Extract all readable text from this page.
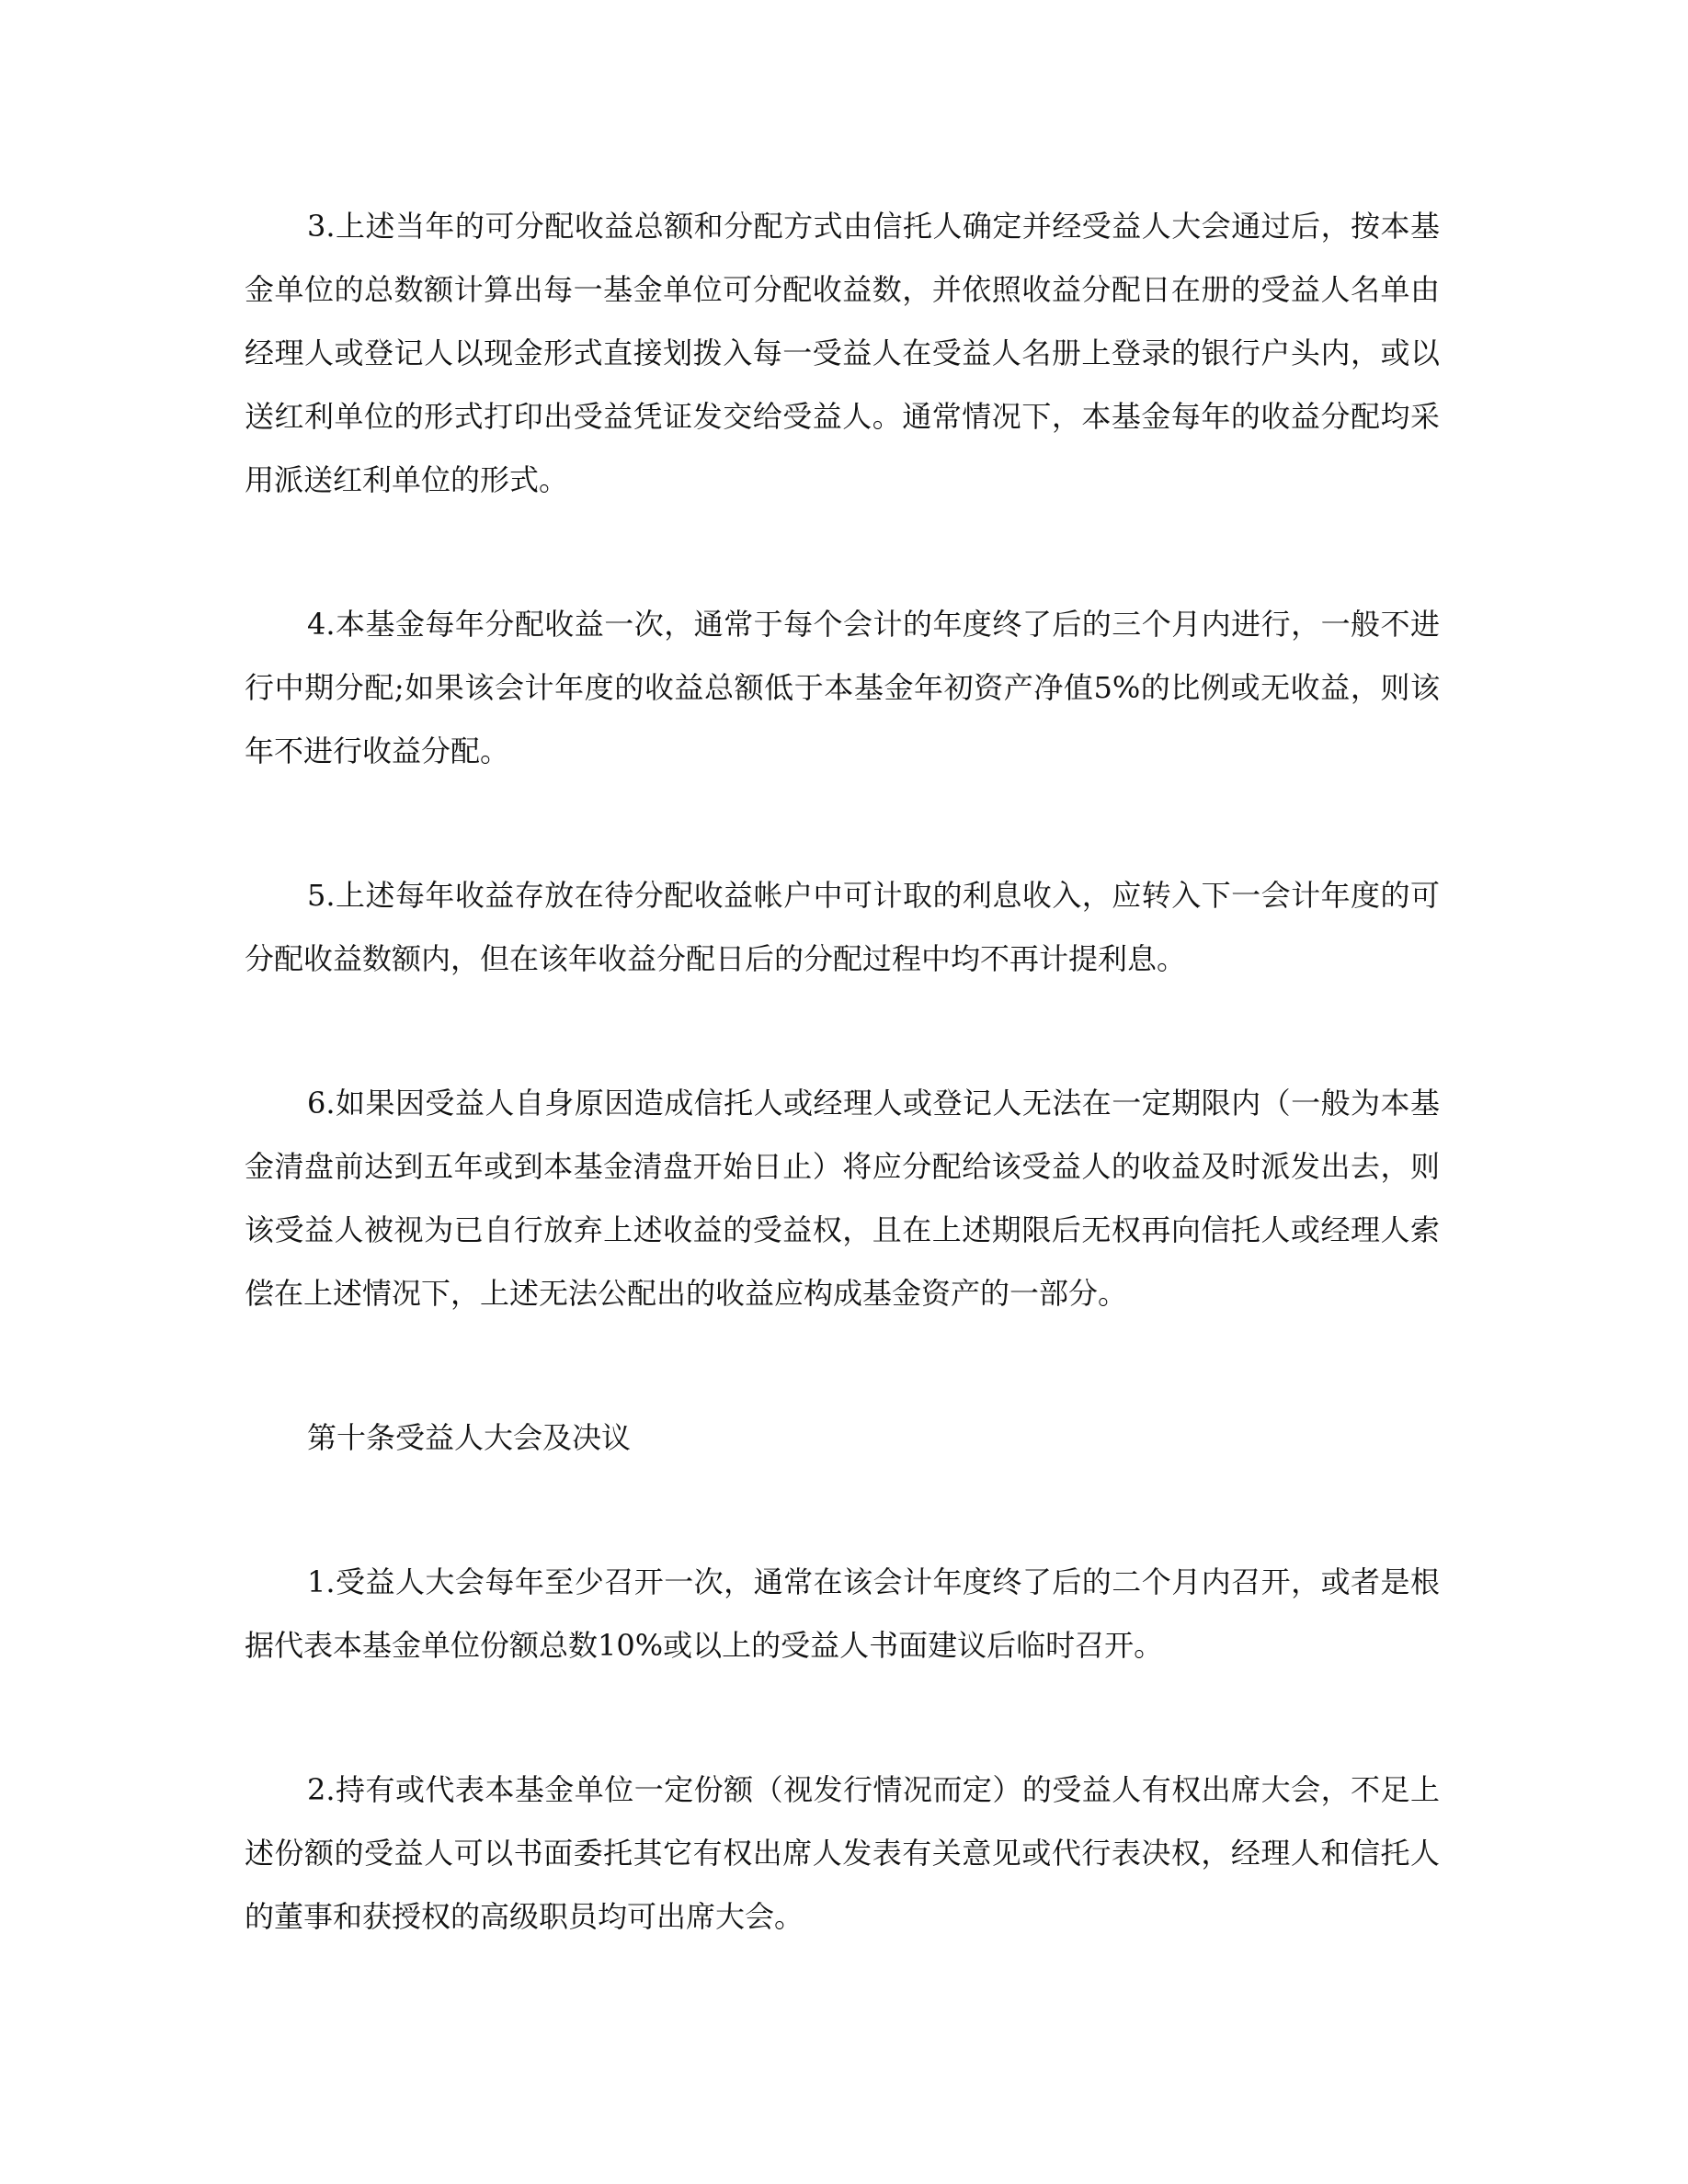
3.上述当年的可分配收益总额和分配方式由信托人确定并经受益人大会通过后，按本基金单位的总数额计算出每一基金单位可分配收益数，并依照收益分配日在册的受益人名单由经理人或登记人以现金形式直接划拨入每一受益人在受益人名册上登录的银行户头内，或以送红利单位的形式打印出受益凭证发交给受益人。通常情况下，本基金每年的收益分配均采用派送红利单位的形式。

4.本基金每年分配收益一次，通常于每个会计的年度终了后的三个月内进行，一般不进行中期分配;如果该会计年度的收益总额低于本基金年初资产净值5%的比例或无收益，则该年不进行收益分配。

5.上述每年收益存放在待分配收益帐户中可计取的利息收入，应转入下一会计年度的可分配收益数额内，但在该年收益分配日后的分配过程中均不再计提利息。

6.如果因受益人自身原因造成信托人或经理人或登记人无法在一定期限内（一般为本基金清盘前达到五年或到本基金清盘开始日止）将应分配给该受益人的收益及时派发出去，则该受益人被视为已自行放弃上述收益的受益权，且在上述期限后无权再向信托人或经理人索偿在上述情况下，上述无法公配出的收益应构成基金资产的一部分。

第十条受益人大会及决议

1.受益人大会每年至少召开一次，通常在该会计年度终了后的二个月内召开，或者是根据代表本基金单位份额总数10%或以上的受益人书面建议后临时召开。

2.持有或代表本基金单位一定份额（视发行情况而定）的受益人有权出席大会，不足上述份额的受益人可以书面委托其它有权出席人发表有关意见或代行表决权，经理人和信托人的董事和获授权的高级职员均可出席大会。
